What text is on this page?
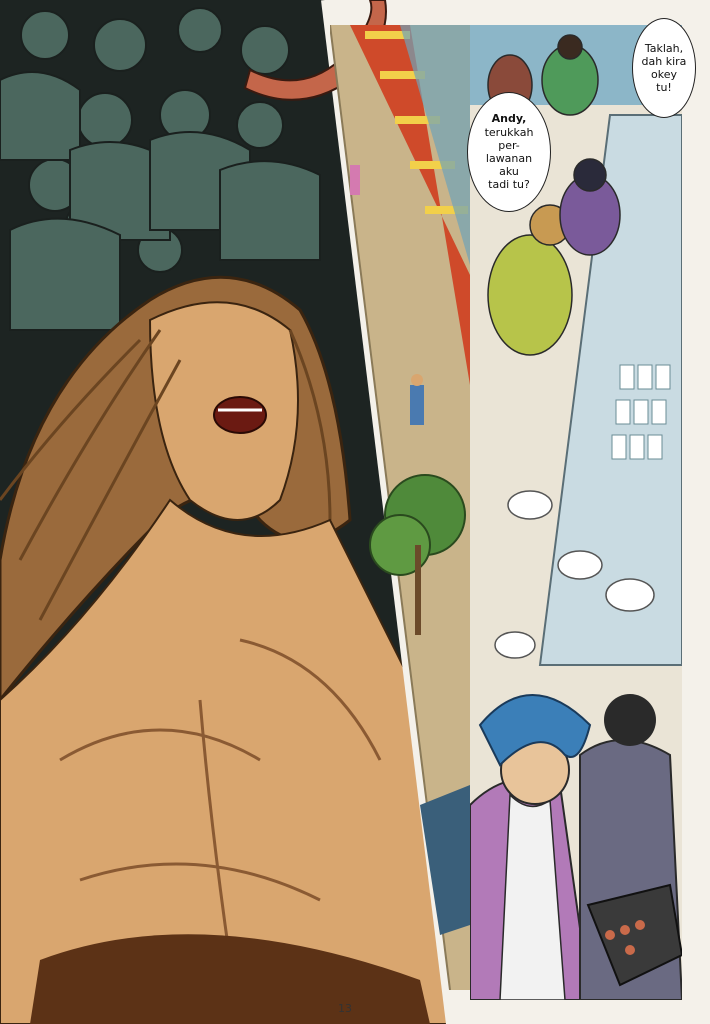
Taklah,
dah kira
okey
tu!
Andy,
terukkah
per-
lawanan
aku
tadi tu?
13
